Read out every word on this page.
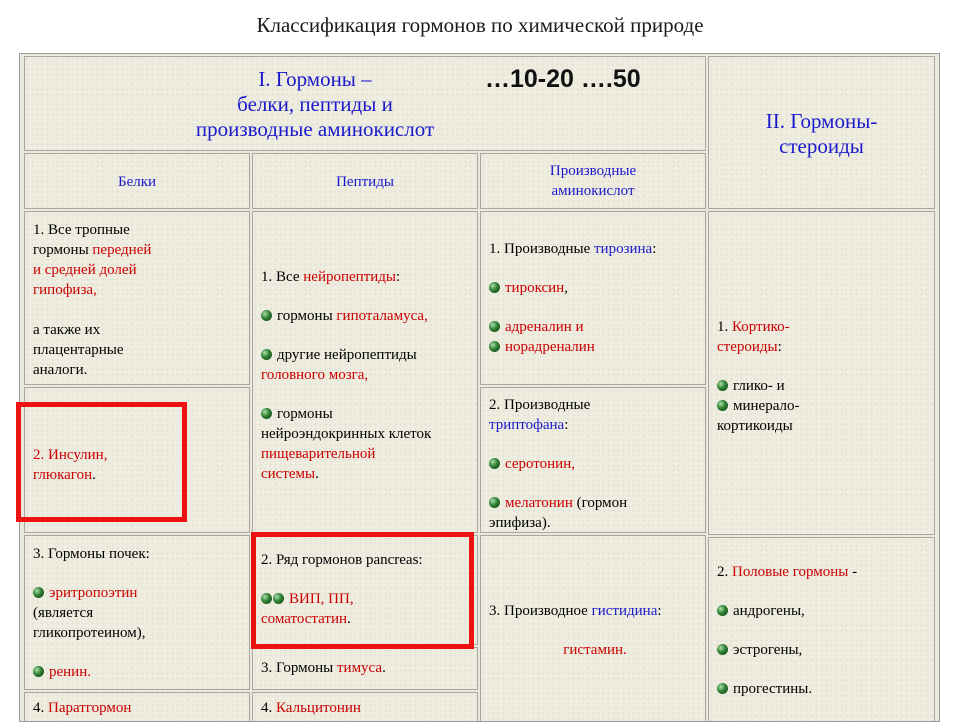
Классификация гормонов по химической природе
I. Гормоны –
белки, пептиды и
производные аминокислот
…10-20 ….50
II. Гормоны-
стероиды
Белки	Пептиды
Производные
аминокислот
1. Все тропные
гормоны передней
и средней долей
гипофиза,
а также их
плацентарные
аналоги.
2. Инсулин,
глюкагон.
3. Гормоны почек:
эритропоэтин
(является
гликопротеином),
ренин.
4. Паратгормон
1. Все нейропептиды:
гормоны гипоталамуса,
другие нейропептиды
головного мозга,
гормоны
нейроэндокринных клеток
пищеварительной
системы.
2. Ряд гормонов pancreas:
ВИП, ПП,
соматостатин.
3. Гормоны тимуса.
4. Кальцитонин
1. Производные тирозина:
тироксин,
адреналин и
норадреналин
2. Производные
триптофана:
серотонин,
мелатонин (гормон
эпифиза).
3. Производное гистидина:
гистамин.
1. Кортико-
стероиды:
глико- и
минерало-
кортикоиды
2. Половые гормоны -
андрогены,
эстрогены,
прогестины.
